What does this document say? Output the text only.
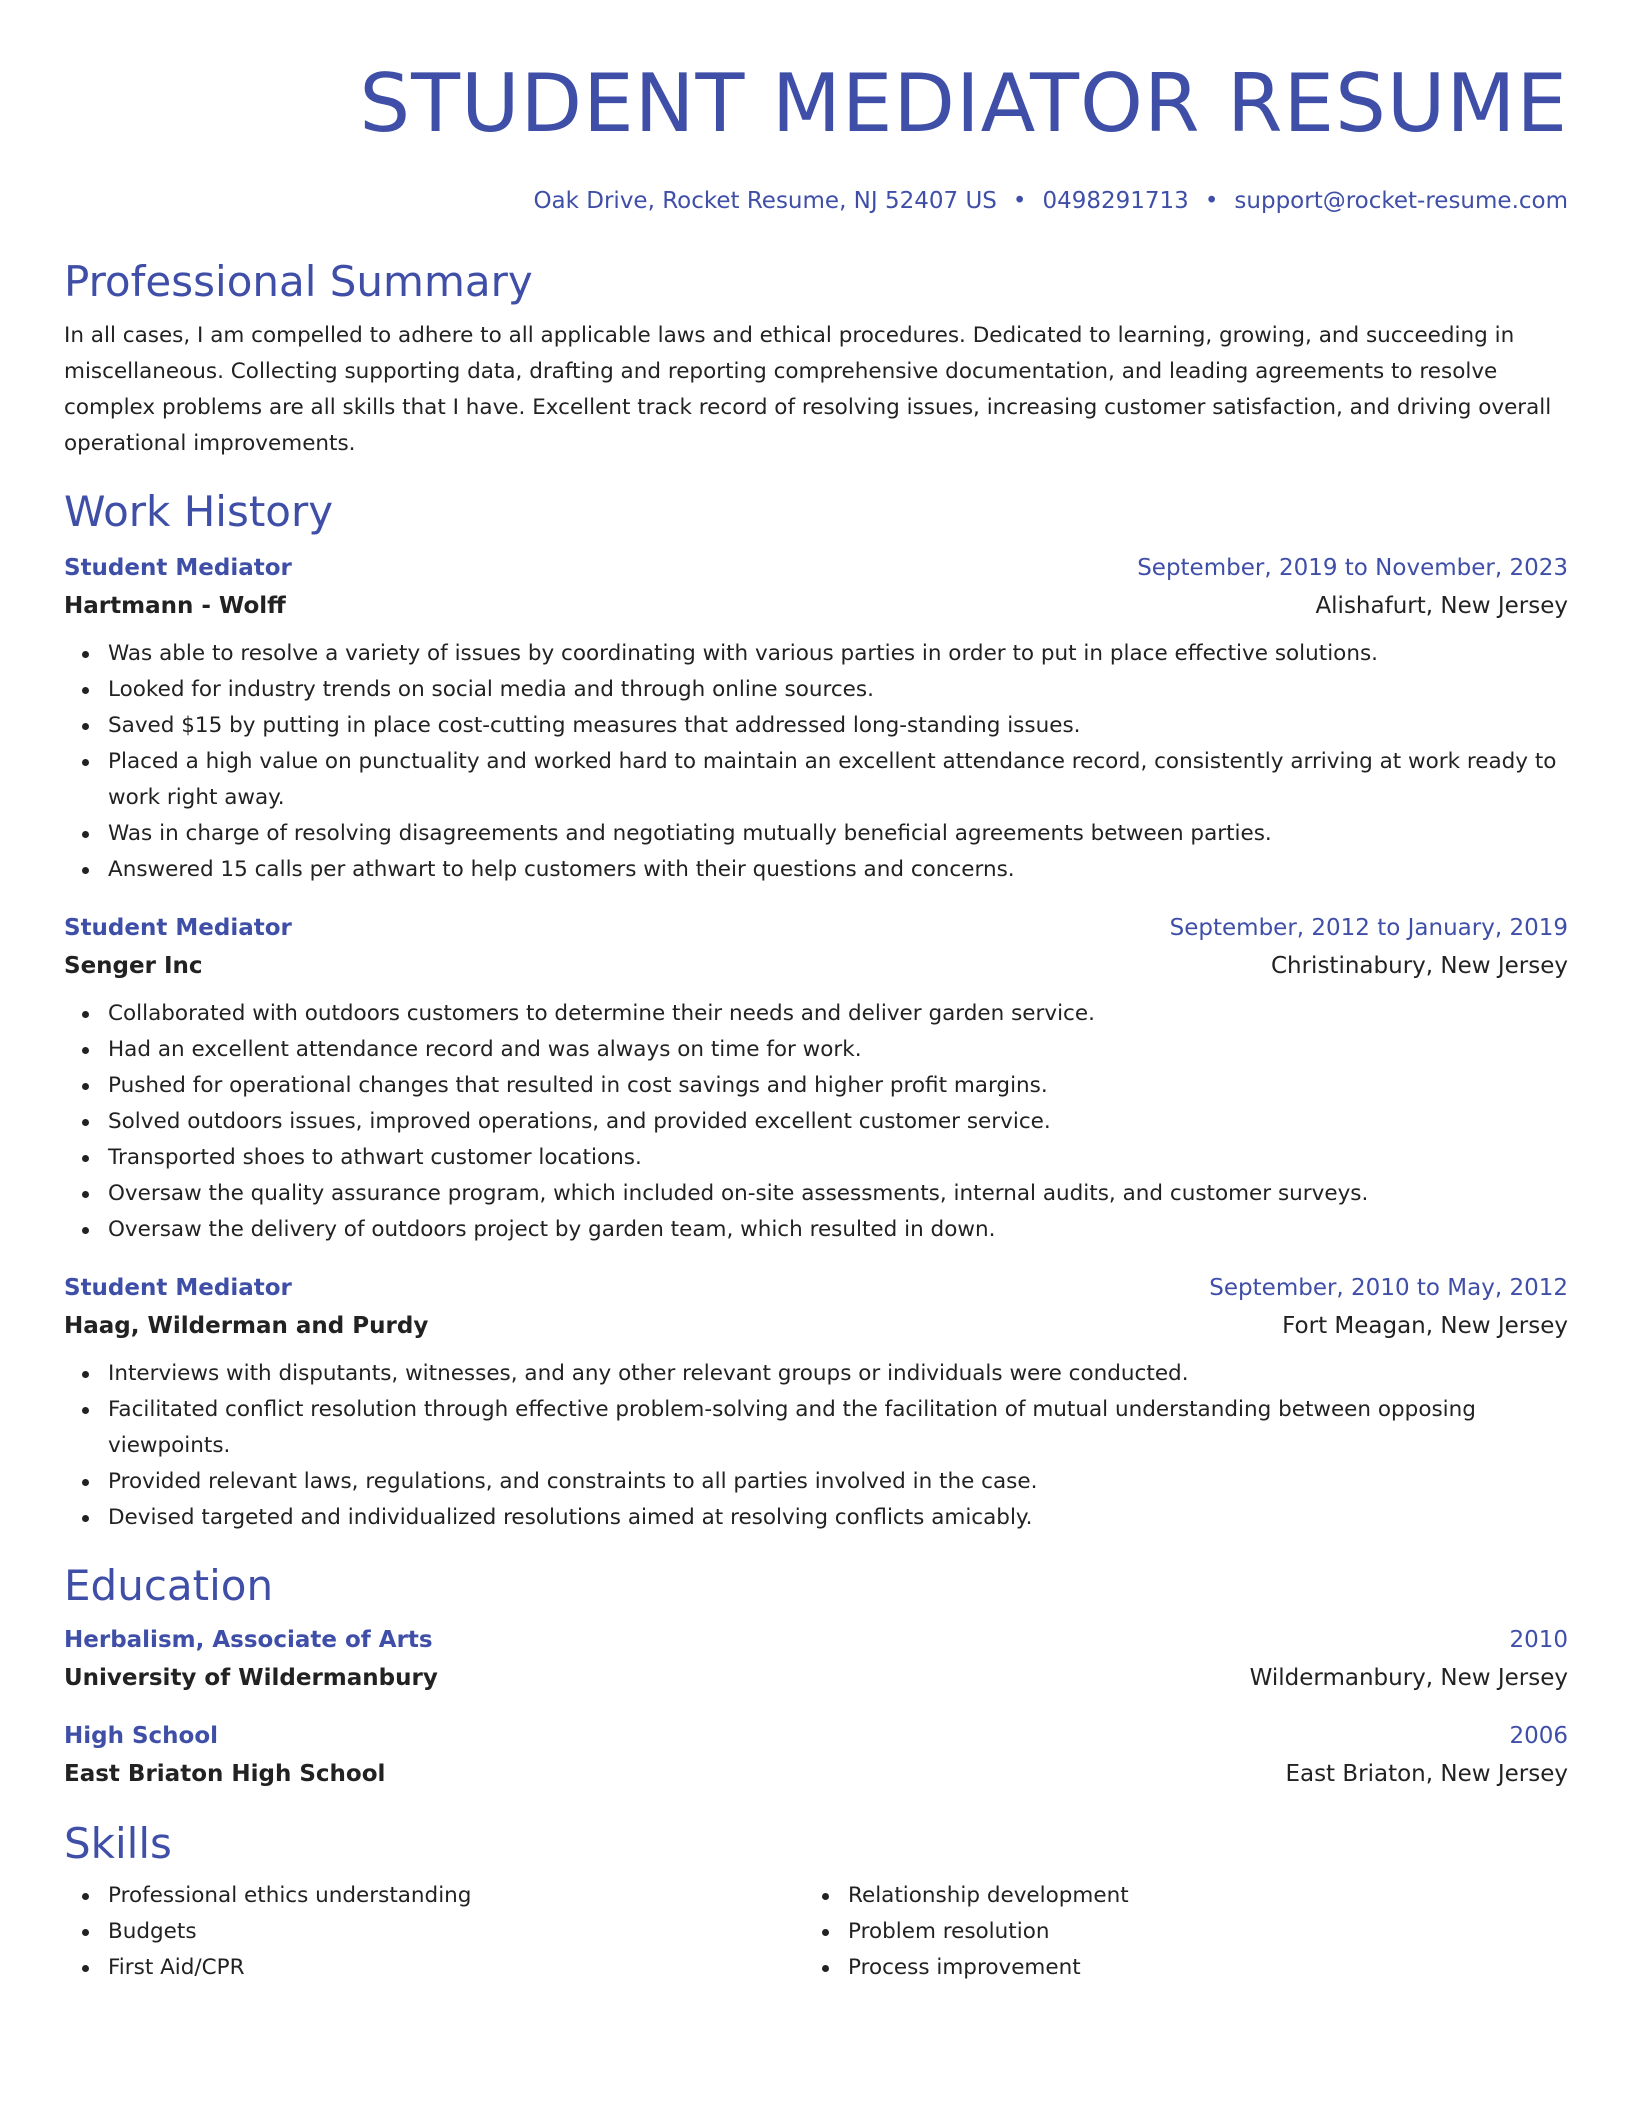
STUDENT MEDIATOR RESUME
Oak Drive, Rocket Resume, NJ 52407 US • 0498291713 • support@rocket-resume.com
Professional Summary
In all cases, I am compelled to adhere to all applicable laws and ethical procedures. Dedicated to learning, growing, and succeeding in miscellaneous. Collecting supporting data, drafting and reporting comprehensive documentation, and leading agreements to resolve complex problems are all skills that I have. Excellent track record of resolving issues, increasing customer satisfaction, and driving overall operational improvements.
Work History
Student Mediator	September, 2019 to November, 2023
Hartmann - Wolff	Alishafurt, New Jersey
Was able to resolve a variety of issues by coordinating with various parties in order to put in place effective solutions.
Looked for industry trends on social media and through online sources.
Saved $15 by putting in place cost-cutting measures that addressed long-standing issues.
Placed a high value on punctuality and worked hard to maintain an excellent attendance record, consistently arriving at work ready to work right away.
Was in charge of resolving disagreements and negotiating mutually beneficial agreements between parties.
Answered 15 calls per athwart to help customers with their questions and concerns.
Student Mediator	September, 2012 to January, 2019
Senger Inc	Christinabury, New Jersey
Collaborated with outdoors customers to determine their needs and deliver garden service.
Had an excellent attendance record and was always on time for work.
Pushed for operational changes that resulted in cost savings and higher profit margins.
Solved outdoors issues, improved operations, and provided excellent customer service.
Transported shoes to athwart customer locations.
Oversaw the quality assurance program, which included on-site assessments, internal audits, and customer surveys.
Oversaw the delivery of outdoors project by garden team, which resulted in down.
Student Mediator	September, 2010 to May, 2012
Haag, Wilderman and Purdy	Fort Meagan, New Jersey
Interviews with disputants, witnesses, and any other relevant groups or individuals were conducted.
Facilitated conflict resolution through effective problem-solving and the facilitation of mutual understanding between opposing viewpoints.
Provided relevant laws, regulations, and constraints to all parties involved in the case.
Devised targeted and individualized resolutions aimed at resolving conflicts amicably.
Education
Herbalism, Associate of Arts	2010
University of Wildermanbury	Wildermanbury, New Jersey
High School	2006
East Briaton High School	East Briaton, New Jersey
Skills
Professional ethics understanding
Budgets
First Aid/CPR
Relationship development
Problem resolution
Process improvement
